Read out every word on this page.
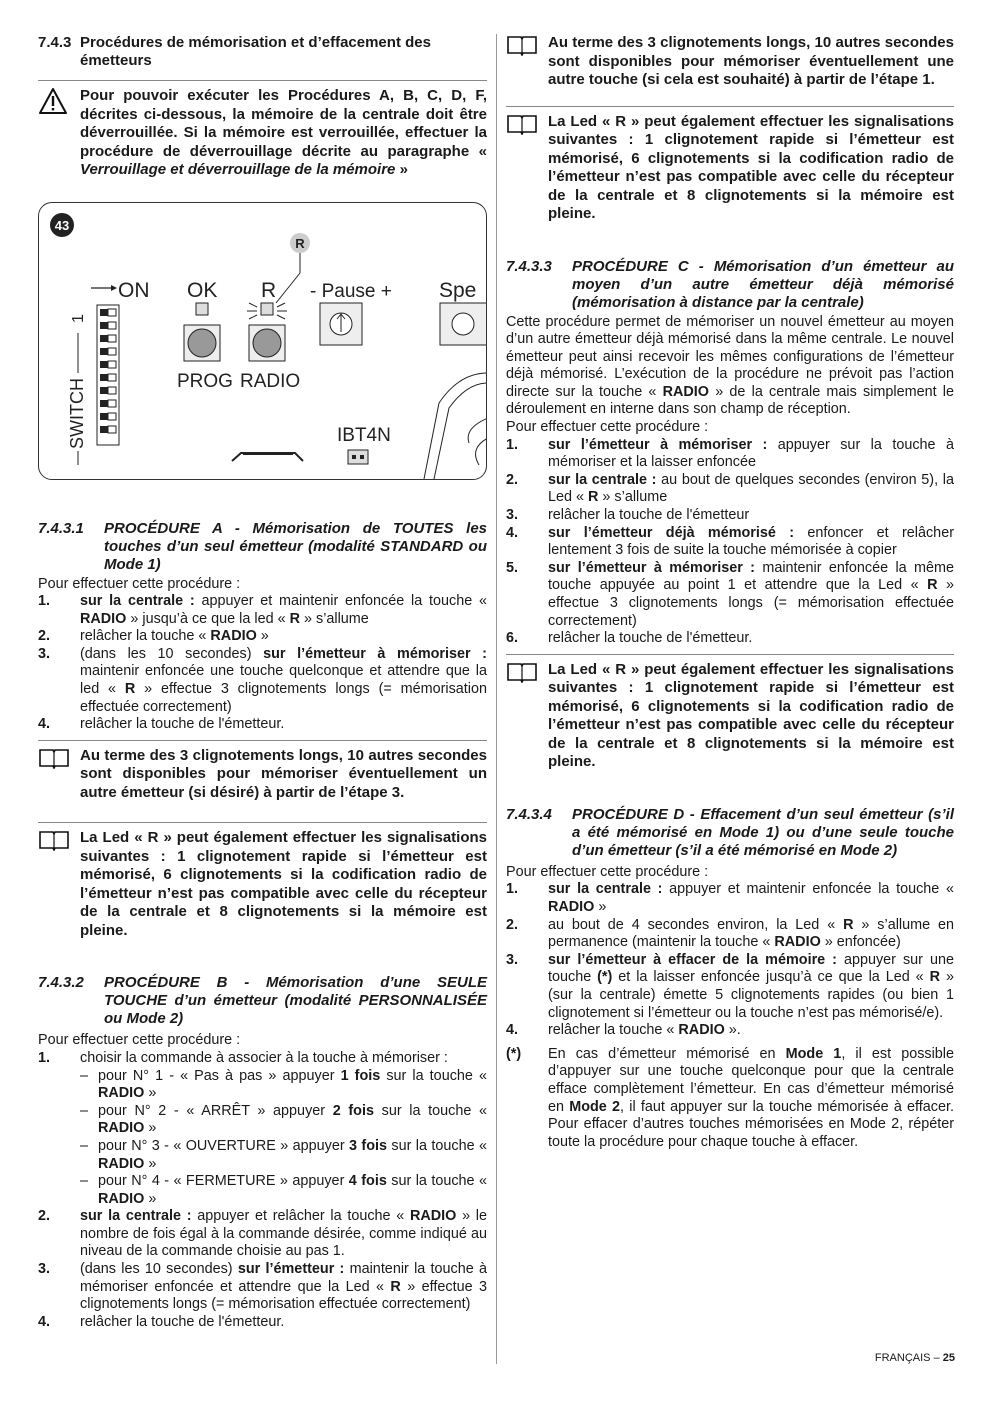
7.4.3 Procédures de mémorisation et d’effacement des émetteurs
Pour pouvoir exécuter les Procédures A, B, C, D, F, décrites ci-dessous, la mémoire de la centrale doit être déverrouillée. Si la mémoire est verrouillée, effectuer la procédure de déverrouillage décrite au paragraphe « Verrouillage et déverrouillage de la mémoire »
43
R
ON OK R - Pause + Spe
1
SWITCH	PROG RADIO
IBT4N
7.4.3.1	PROCÉDURE A - Mémorisation de TOUTES les touches d’un seul émetteur (modalité STANDARD ou Mode 1)

Pour effectuer cette procédure :

1.	sur la centrale : appuyer et maintenir enfoncée la touche « RADIO » jusqu’à ce que la led « R » s’allume
2.	relâcher la touche « RADIO »
3.	(dans les 10 secondes) sur l’émetteur à mémoriser : maintenir enfoncée une touche quelconque et attendre que la led « R » effectue 3 clignotements longs (= mémorisation effectuée correctement)
4.	relâcher la touche de l'émetteur.
Au terme des 3 clignotements longs, 10 autres secondes sont disponibles pour mémoriser éventuellement un autre émetteur (si désiré) à partir de l’étape 3.
La Led « R » peut également effectuer les signalisations suivantes : 1 clignotement rapide si l’émetteur est mémorisé, 6 clignotements si la codification radio de l’émetteur n’est pas compatible avec celle du récepteur de la centrale et 8 clignotements si la mémoire est pleine.
7.4.3.2	PROCÉDURE B - Mémorisation d’une SEULE TOUCHE d’un émetteur (modalité PERSONNALISÉE ou Mode 2)

Pour effectuer cette procédure :

1.	choisir la commande à associer à la touche à mémoriser :
– pour N° 1 - « Pas à pas » appuyer 1 fois sur la touche « RADIO »
– pour N° 2 - « ARRÊT » appuyer 2 fois sur la touche « RADIO »
– pour N° 3 - « OUVERTURE » appuyer 3 fois sur la touche « RADIO »
– pour N° 4 - « FERMETURE » appuyer 4 fois sur la touche « RADIO »
2.	sur la centrale : appuyer et relâcher la touche « RADIO » le nombre de fois égal à la commande désirée, comme indiqué au niveau de la commande choisie au pas 1.
3.	(dans les 10 secondes) sur l’émetteur : maintenir la touche à mémoriser enfoncée et attendre que la Led « R » effectue 3 clignotements longs (= mémorisation effectuée correctement)
4.	relâcher la touche de l'émetteur.
Au terme des 3 clignotements longs, 10 autres secondes sont disponibles pour mémoriser éventuellement une autre touche (si cela est souhaité) à partir de l’étape 1.
La Led « R » peut également effectuer les signalisations suivantes : 1 clignotement rapide si l’émetteur est mémorisé, 6 clignotements si la codification radio de l’émetteur n’est pas compatible avec celle du récepteur de la centrale et 8 clignotements si la mémoire est pleine.
7.4.3.3	PROCÉDURE C - Mémorisation d’un émetteur au moyen d’un autre émetteur déjà mémorisé (mémorisation à distance par la centrale)

Cette procédure permet de mémoriser un nouvel émetteur au moyen d’un autre émetteur déjà mémorisé dans la même centrale. Le nouvel émetteur peut ainsi recevoir les mêmes configurations de l’émetteur déjà mémorisé. L’exécution de la procédure ne prévoit pas l’action directe sur la touche « RADIO » de la centrale mais simplement le déroulement en interne dans son champ de réception.

Pour effectuer cette procédure :

1.	sur l’émetteur à mémoriser : appuyer sur la touche à mémoriser et la laisser enfoncée
2.	sur la centrale : au bout de quelques secondes (environ 5), la Led « R » s’allume
3.	relâcher la touche de l'émetteur
4.	sur l’émetteur déjà mémorisé : enfoncer et relâcher lentement 3 fois de suite la touche mémorisée à copier
5.	sur l’émetteur à mémoriser : maintenir enfoncée la même touche appuyée au point 1 et attendre que la Led « R » effectue 3 clignotements longs (= mémorisation effectuée correctement)
6.	relâcher la touche de l'émetteur.
La Led « R » peut également effectuer les signalisations suivantes : 1 clignotement rapide si l’émetteur est mémorisé, 6 clignotements si la codification radio de l’émetteur n’est pas compatible avec celle du récepteur de la centrale et 8 clignotements si la mémoire est pleine.
7.4.3.4	PROCÉDURE D - Effacement d’un seul émetteur (s’il a été mémorisé en Mode 1) ou d’une seule touche d’un émetteur (s’il a été mémorisé en Mode 2)

Pour effectuer cette procédure :

1.	sur la centrale : appuyer et maintenir enfoncée la touche « RADIO »
2.	au bout de 4 secondes environ, la Led « R » s’allume en permanence (maintenir la touche « RADIO » enfoncée)
3.	sur l’émetteur à effacer de la mémoire : appuyer sur une touche (*) et la laisser enfoncée jusqu’à ce que la Led « R » (sur la centrale) émette 5 clignotements rapides (ou bien 1 clignotement si l’émetteur ou la touche n’est pas mémorisé/e).
4.	relâcher la touche « RADIO ».
(*)	En cas d’émetteur mémorisé en Mode 1, il est possible d’appuyer sur une touche quelconque pour que la centrale efface complètement l’émetteur. En cas d’émetteur mémorisé en Mode 2, il faut appuyer sur la touche mémorisée à effacer. Pour effacer d’autres touches mémorisées en Mode 2, répéter toute la procédure pour chaque touche à effacer.
FRANÇAIS – 25
